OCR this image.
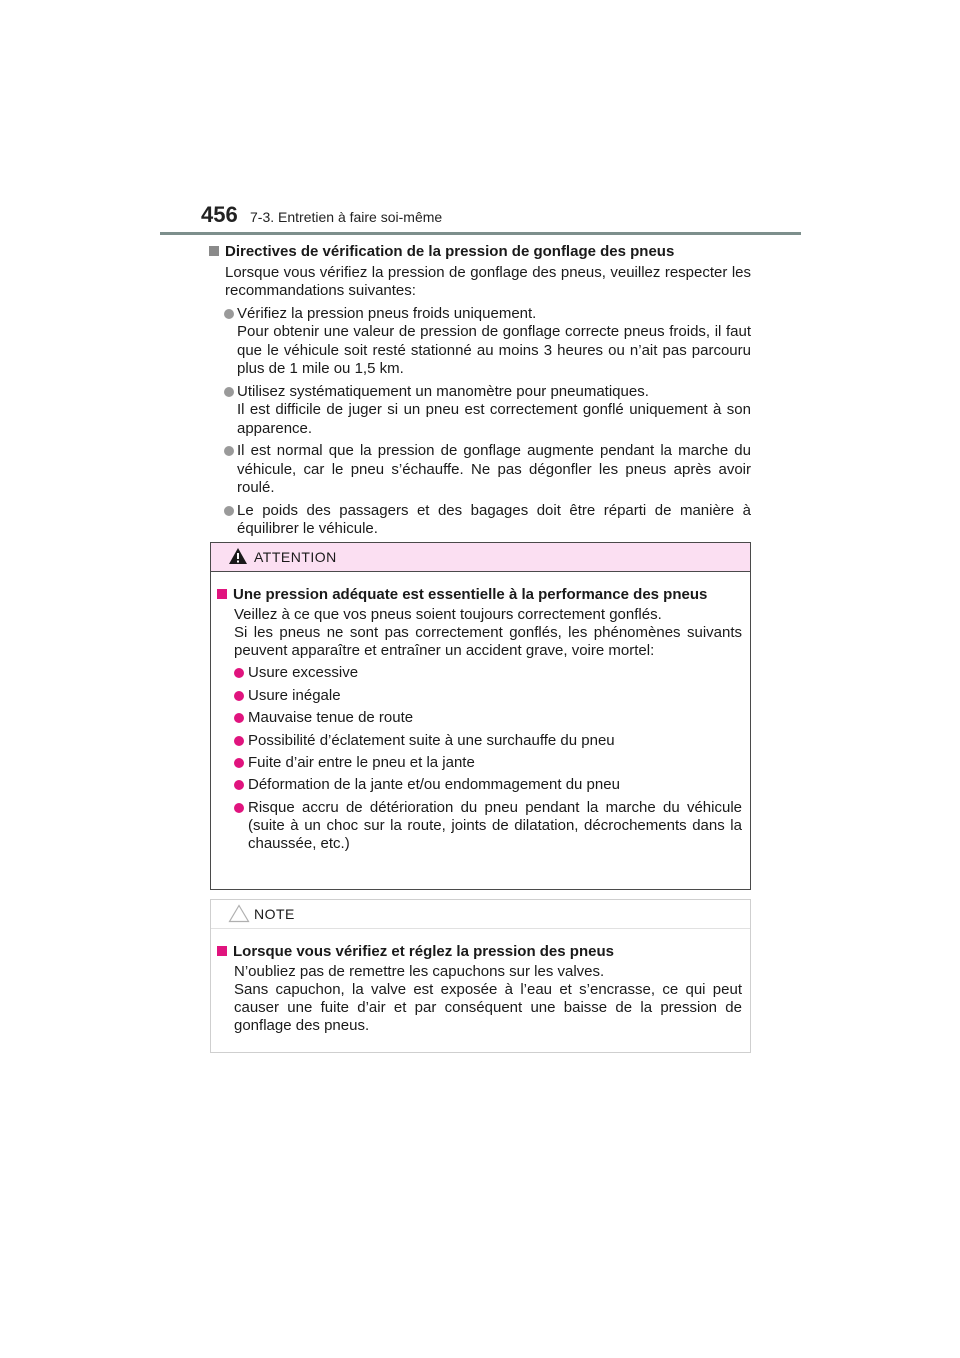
456 7-3. Entretien à faire soi-même
Directives de vérification de la pression de gonflage des pneus
Lorsque vous vérifiez la pression de gonflage des pneus, veuillez respecter les recommandations suivantes:
Vérifiez la pression pneus froids uniquement.
Pour obtenir une valeur de pression de gonflage correcte pneus froids, il faut que le véhicule soit resté stationné au moins 3 heures ou n’ait pas parcouru plus de 1 mile ou 1,5 km.
Utilisez systématiquement un manomètre pour pneumatiques.
Il est difficile de juger si un pneu est correctement gonflé uniquement à son apparence.
Il est normal que la pression de gonflage augmente pendant la marche du véhicule, car le pneu s’échauffe. Ne pas dégonfler les pneus après avoir roulé.
Le poids des passagers et des bagages doit être réparti de manière à équilibrer le véhicule.
ATTENTION
Une pression adéquate est essentielle à la performance des pneus
Veillez à ce que vos pneus soient toujours correctement gonflés.
Si les pneus ne sont pas correctement gonflés, les phénomènes suivants peuvent apparaître et entraîner un accident grave, voire mortel:
Usure excessive
Usure inégale
Mauvaise tenue de route
Possibilité d’éclatement suite à une surchauffe du pneu
Fuite d’air entre le pneu et la jante
Déformation de la jante et/ou endommagement du pneu
Risque accru de détérioration du pneu pendant la marche du véhicule (suite à un choc sur la route, joints de dilatation, décrochements dans la chaussée, etc.)
NOTE
Lorsque vous vérifiez et réglez la pression des pneus
N’oubliez pas de remettre les capuchons sur les valves.
Sans capuchon, la valve est exposée à l’eau et s’encrasse, ce qui peut causer une fuite d’air et par conséquent une baisse de la pression de gonflage des pneus.
